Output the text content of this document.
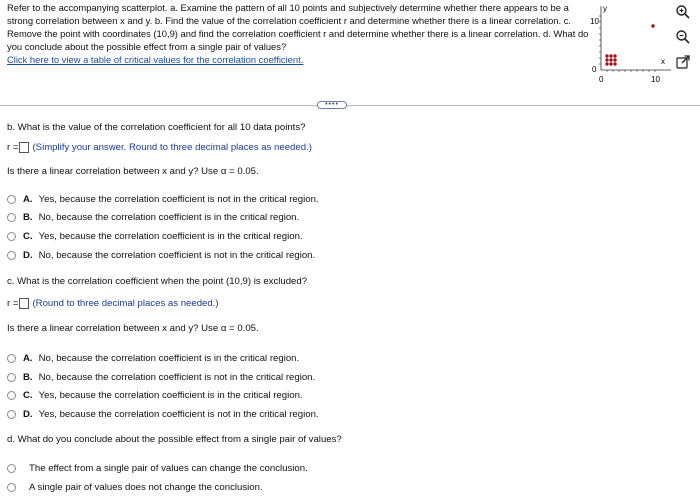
Refer to the accompanying scatterplot. a. Examine the pattern of all 10 points and subjectively determine whether there appears to be a strong correlation between x and y. b. Find the value of the correlation coefficient r and determine whether there is a linear correlation. c. Remove the point with coordinates (10,9) and find the correlation coefficient r and determine whether there is a linear correlation. d. What do you conclude about the possible effect from a single pair of values?
Click here to view a table of critical values for the correlation coefficient.
y
10
0
0	10
x
••••
b. What is the value of the correlation coefficient for all 10 data points?
r = (Simplify your answer. Round to three decimal places as needed.)
Is there a linear correlation between x and y? Use α = 0.05.
A. Yes, because the correlation coefficient is not in the critical region.
B. No, because the correlation coefficient is in the critical region.
C. Yes, because the correlation coefficient is in the critical region.
D. No, because the correlation coefficient is not in the critical region.
c. What is the correlation coefficient when the point (10,9) is excluded?
r = (Round to three decimal places as needed.)
Is there a linear correlation between x and y? Use α = 0.05.
A. No, because the correlation coefficient is in the critical region.
B. No, because the correlation coefficient is not in the critical region.
C. Yes, because the correlation coefficient is in the critical region.
D. Yes, because the correlation coefficient is not in the critical region.
d. What do you conclude about the possible effect from a single pair of values?
The effect from a single pair of values can change the conclusion.
A single pair of values does not change the conclusion.
